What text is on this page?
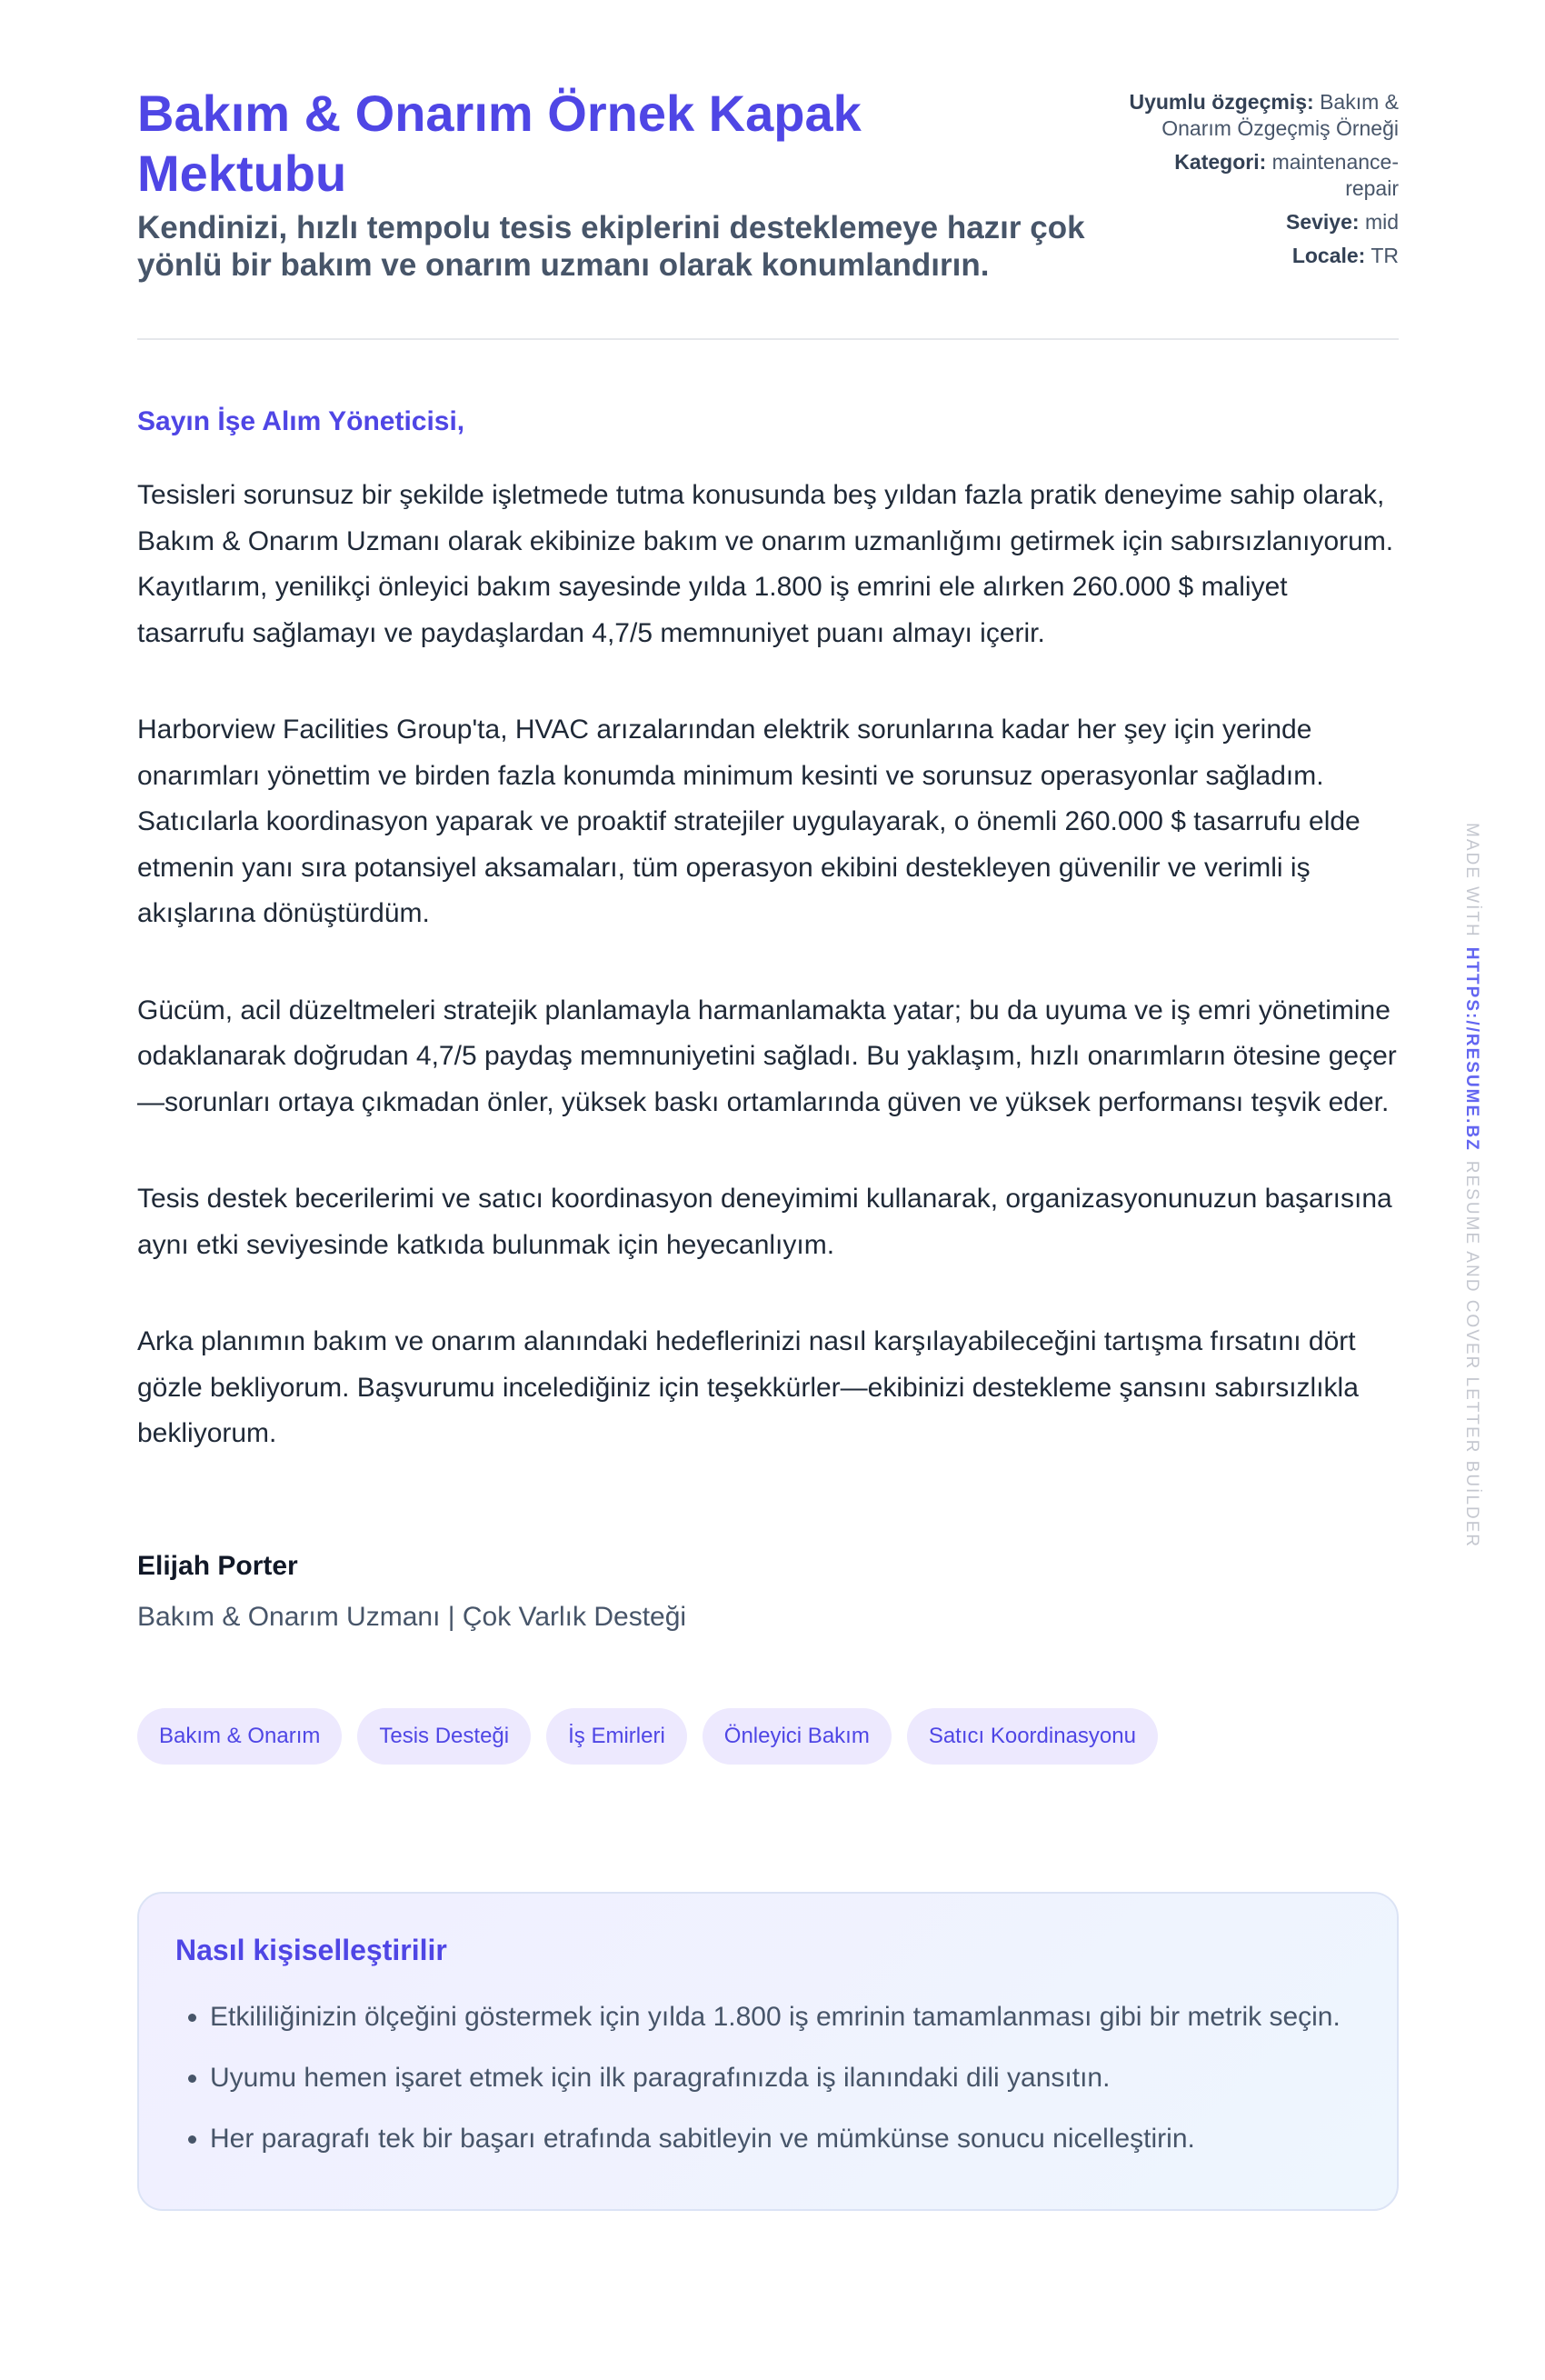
Bakım & Onarım Örnek Kapak Mektubu
Kendinizi, hızlı tempolu tesis ekiplerini desteklemeye hazır çok yönlü bir bakım ve onarım uzmanı olarak konumlandırın.
Uyumlu özgeçmiş: Bakım & Onarım Özgeçmiş Örneği
Kategori: maintenance-repair
Seviye: mid
Locale: TR
Sayın İşe Alım Yöneticisi,

Tesisleri sorunsuz bir şekilde işletmede tutma konusunda beş yıldan fazla pratik deneyime sahip olarak, Bakım & Onarım Uzmanı olarak ekibinize bakım ve onarım uzmanlığımı getirmek için sabırsızlanıyorum. Kayıtlarım, yenilikçi önleyici bakım sayesinde yılda 1.800 iş emrini ele alırken 260.000 $ maliyet tasarrufu sağlamayı ve paydaşlardan 4,7/5 memnuniyet puanı almayı içerir.

Harborview Facilities Group'ta, HVAC arızalarından elektrik sorunlarına kadar her şey için yerinde onarımları yönettim ve birden fazla konumda minimum kesinti ve sorunsuz operasyonlar sağladım. Satıcılarla koordinasyon yaparak ve proaktif stratejiler uygulayarak, o önemli 260.000 $ tasarrufu elde etmenin yanı sıra potansiyel aksamaları, tüm operasyon ekibini destekleyen güvenilir ve verimli iş akışlarına dönüştürdüm.

Gücüm, acil düzeltmeleri stratejik planlamayla harmanlamakta yatar; bu da uyuma ve iş emri yönetimine odaklanarak doğrudan 4,7/5 paydaş memnuniyetini sağladı. Bu yaklaşım, hızlı onarımların ötesine geçer—sorunları ortaya çıkmadan önler, yüksek baskı ortamlarında güven ve yüksek performansı teşvik eder.

Tesis destek becerilerimi ve satıcı koordinasyon deneyimimi kullanarak, organizasyonunuzun başarısına aynı etki seviyesinde katkıda bulunmak için heyecanlıyım.

Arka planımın bakım ve onarım alanındaki hedeflerinizi nasıl karşılayabileceğini tartışma fırsatını dört gözle bekliyorum. Başvurumu incelediğiniz için teşekkürler—ekibinizi destekleme şansını sabırsızlıkla bekliyorum.

Elijah Porter
Bakım & Onarım Uzmanı | Çok Varlık Desteği
Bakım & Onarım	Tesis Desteği	İş Emirleri	Önleyici Bakım	Satıcı Koordinasyonu
Nasıl kişiselleştirilir
• Etkililiğinizin ölçeğini göstermek için yılda 1.800 iş emrinin tamamlanması gibi bir metrik seçin.
• Uyumu hemen işaret etmek için ilk paragrafınızda iş ilanındaki dili yansıtın.
• Her paragrafı tek bir başarı etrafında sabitleyin ve mümkünse sonucu nicelleştirin.
MADE WİTHHTTPS://RESUME.BZRESUME AND COVER LETTER BUİLDER
